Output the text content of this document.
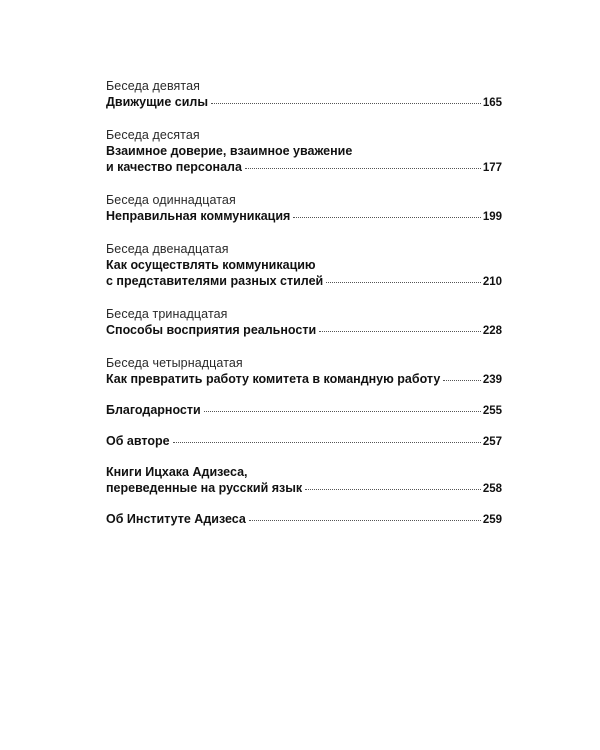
Беседа девятая
Движущие силы	165
Беседа десятая
Взаимное доверие, взаимное уважение
и качество персонала	177
Беседа одиннадцатая
Неправильная коммуникация	199
Беседа двенадцатая
Как осуществлять коммуникацию
с представителями разных стилей	210
Беседа тринадцатая
Способы восприятия реальности	228
Беседа четырнадцатая
Как превратить работу комитета в командную работу	239
Благодарности	255
Об авторе	257
Книги Ицхака Адизеса,
переведенные на русский язык	258
Об Институте Адизеса	259
